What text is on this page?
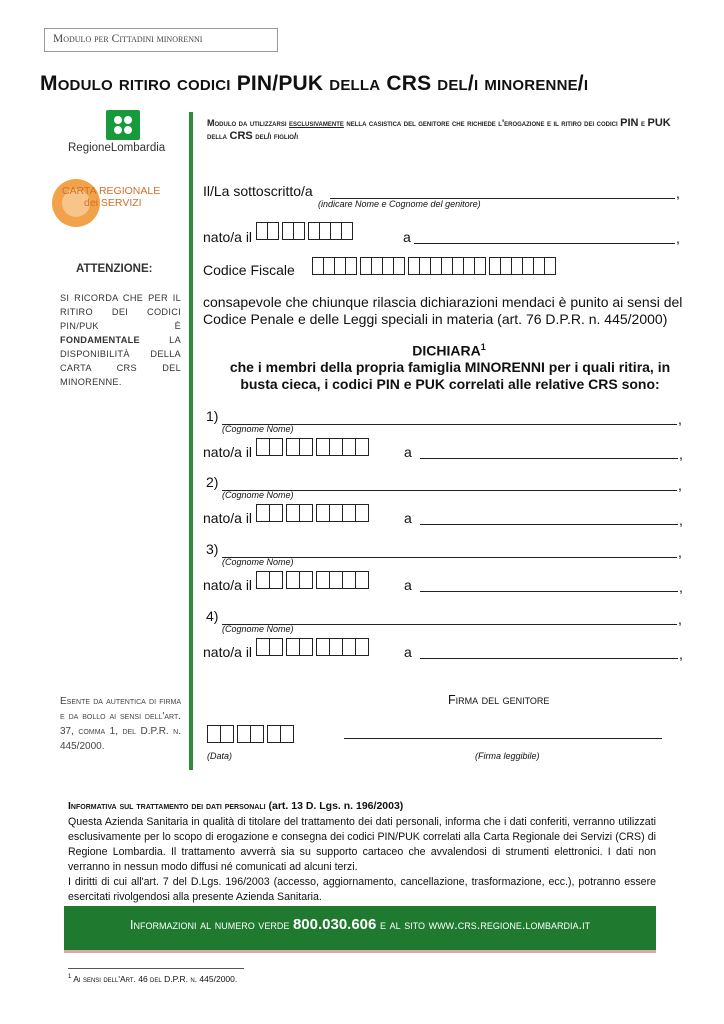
Modulo per Cittadini minorenni
Modulo ritiro codici PIN/PUK della CRS del/i minorenne/i
RegioneLombardia
CARTA REGIONALE
dei SERVIZI
Modulo da utilizzarsi esclusivamente nella casistica del genitore che richiede l'erogazione e il ritiro dei codici PIN e PUK della CRS del/i figlio/i
Il/La sottoscritto/a	,
(indicare Nome e Cognome del genitore)
nato/a il	a	,
Codice Fiscale
ATTENZIONE:
SI RICORDA CHE PER IL RITIRO DEI CODICI PIN/PUK È FONDAMENTALE	LA DISPONIBILITÀ DELLA CARTA CRS DEL MINORENNE.
consapevole che chiunque rilascia dichiarazioni mendaci è punito ai sensi del Codice Penale e delle Leggi speciali in materia (art. 76 D.P.R. n. 445/2000)
DICHIARA$^1$
che i membri della propria famiglia MINORENNI per i quali ritira, in busta cieca, i codici PIN e PUK correlati alle relative CRS sono:
1)	,
(Cognome Nome)
nato/a il	a	,
2)	,
(Cognome Nome)
nato/a il	a	,
3)	,
(Cognome Nome)
nato/a il	a	,
4)	,
(Cognome Nome)
nato/a il	a	,
Esente da autentica di firma e da bollo ai sensi dell'art. 37, comma 1, del D.P.R. n. 445/2000.
Firma del genitore
(Data)	(Firma leggibile)
Informativa sul trattamento dei dati personali (art. 13 D. Lgs. n. 196/2003)
Questa Azienda Sanitaria in qualità di titolare del trattamento dei dati personali, informa che i dati conferiti, verranno utilizzati esclusivamente per lo scopo di erogazione e consegna dei codici PIN/PUK correlati alla Carta Regionale dei Servizi (CRS) di Regione Lombardia. Il trattamento avverrà sia su supporto cartaceo che avvalendosi di strumenti elettronici. I dati non verranno in nessun modo diffusi né comunicati ad alcuni terzi.
I diritti di cui all'art. 7 del D.Lgs. 196/2003 (accesso, aggiornamento, cancellazione, trasformazione, ecc.), potranno essere esercitati rivolgendosi alla presente Azienda Sanitaria.
Informazioni al numero verde 800.030.606 e al sito www.crs.regione.lombardia.it
$^1$ Ai sensi dell'Art. 46 del D.P.R. n. 445/2000.
